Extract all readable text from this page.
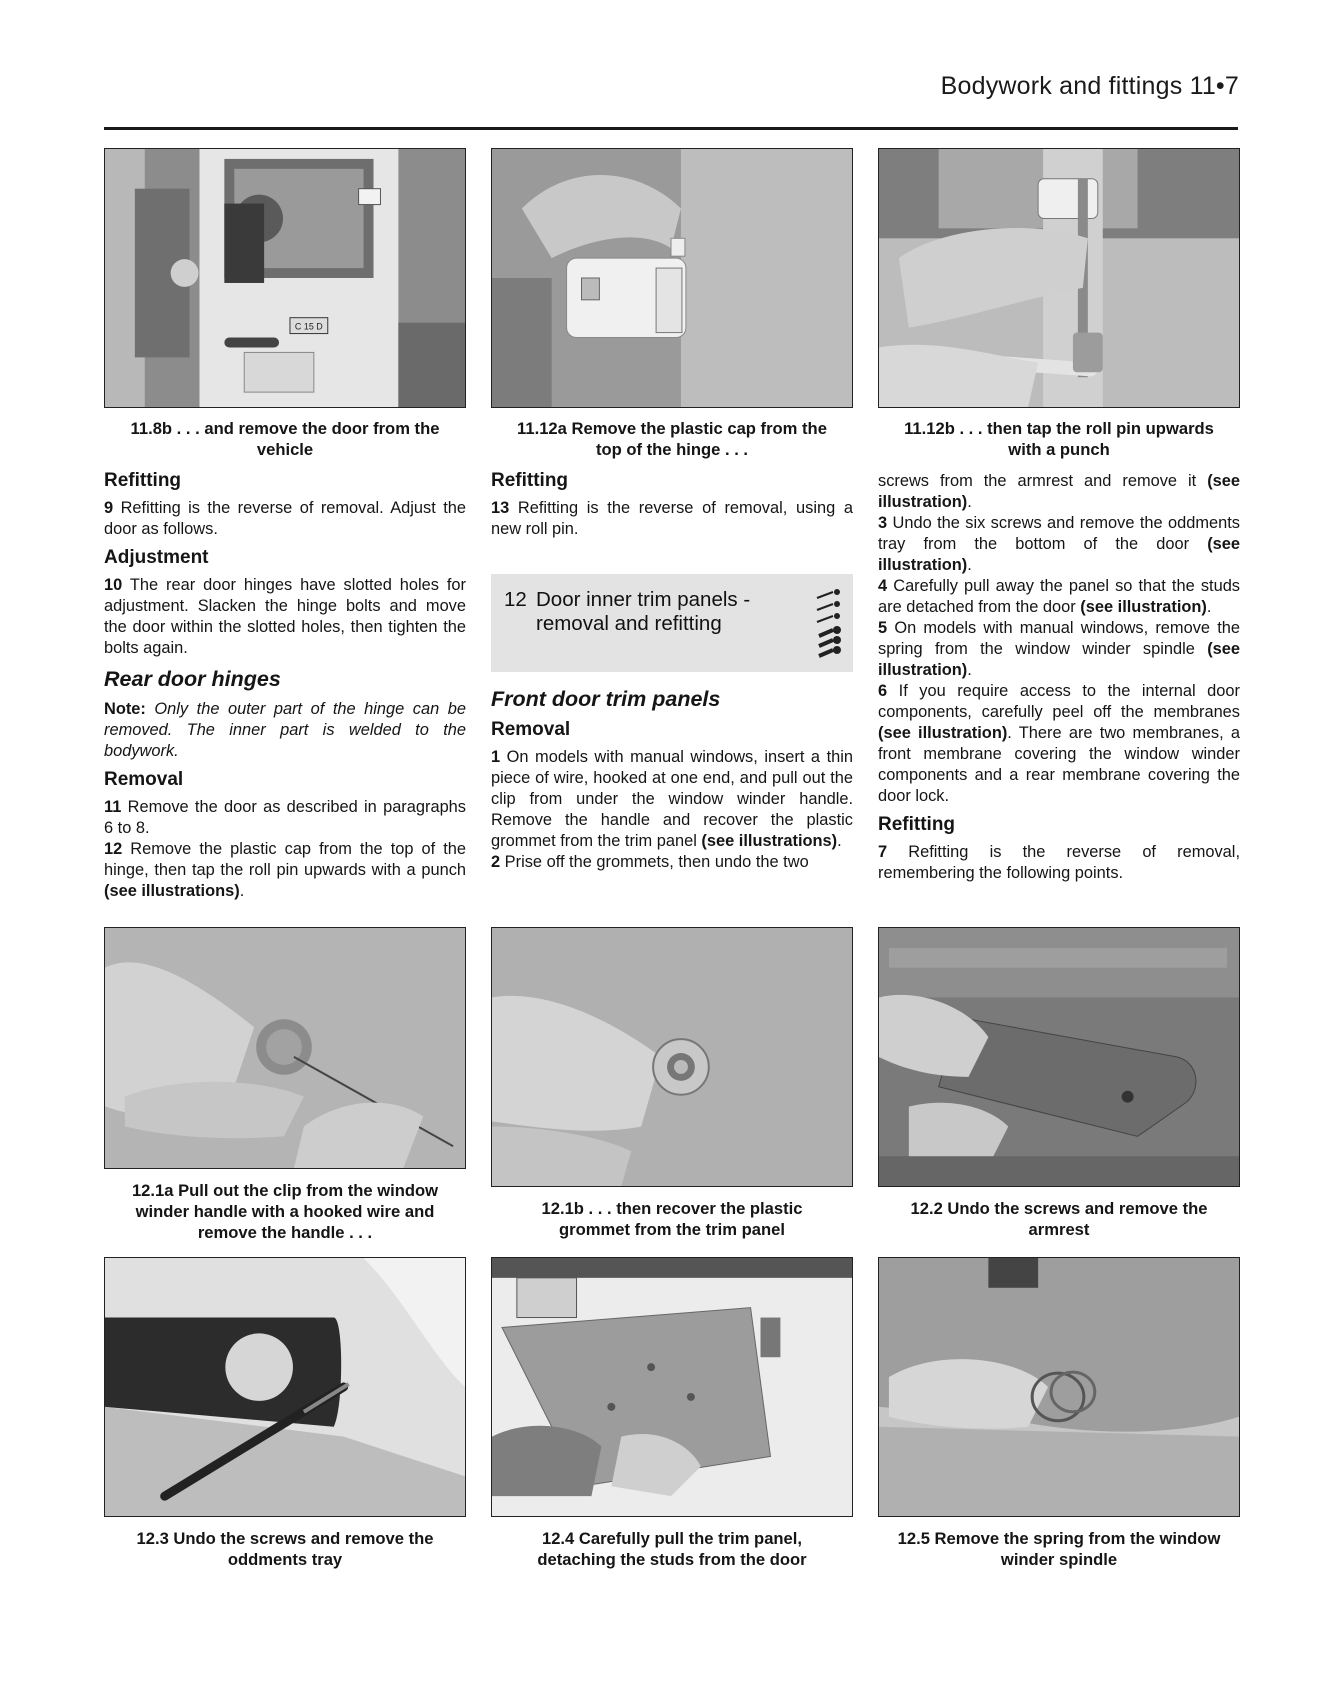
Bodywork and fittings 11•7
C 15 D
11.8b . . . and remove the door from the
vehicle
11.12a Remove the plastic cap from the
top of the hinge . . .
11.12b . . . then tap the roll pin upwards
with a punch
Refitting

9 Refitting is the reverse of removal. Adjust the door as follows.

Adjustment

10 The rear door hinges have slotted holes for adjustment. Slacken the hinge bolts and move the door within the slotted holes, then tighten the bolts again.

Rear door hinges

Note: Only the outer part of the hinge can be removed. The inner part is welded to the bodywork.

Removal

11 Remove the door as described in paragraphs 6 to 8.

12 Remove the plastic cap from the top of the hinge, then tap the roll pin upwards with a punch (see illustrations).

Refitting

13 Refitting is the reverse of removal, using a new roll pin.

12 Door inner trim panels -
removal and refitting
Front door trim panels
Removal

1 On models with manual windows, insert a thin piece of wire, hooked at one end, and pull out the clip from under the window winder handle. Remove the handle and recover the plastic grommet from the trim panel (see illustrations).

2 Prise off the grommets, then undo the two

screws from the armrest and remove it (see illustration).

3 Undo the six screws and remove the oddments tray from the bottom of the door (see illustration).

4 Carefully pull away the panel so that the studs are detached from the door (see illustration).

5 On models with manual windows, remove the spring from the window winder spindle (see illustration).

6 If you require access to the internal door components, carefully peel off the membranes (see illustration). There are two membranes, a front membrane covering the window winder components and a rear membrane covering the door lock.

Refitting

7 Refitting is the reverse of removal, remembering the following points.

12.1a Pull out the clip from the window
winder handle with a hooked wire and
remove the handle . . .
12.1b . . . then recover the plastic
grommet from the trim panel
12.2 Undo the screws and remove the
armrest
12.3 Undo the screws and remove the
oddments tray
12.4 Carefully pull the trim panel,
detaching the studs from the door
12.5 Remove the spring from the window
winder spindle
